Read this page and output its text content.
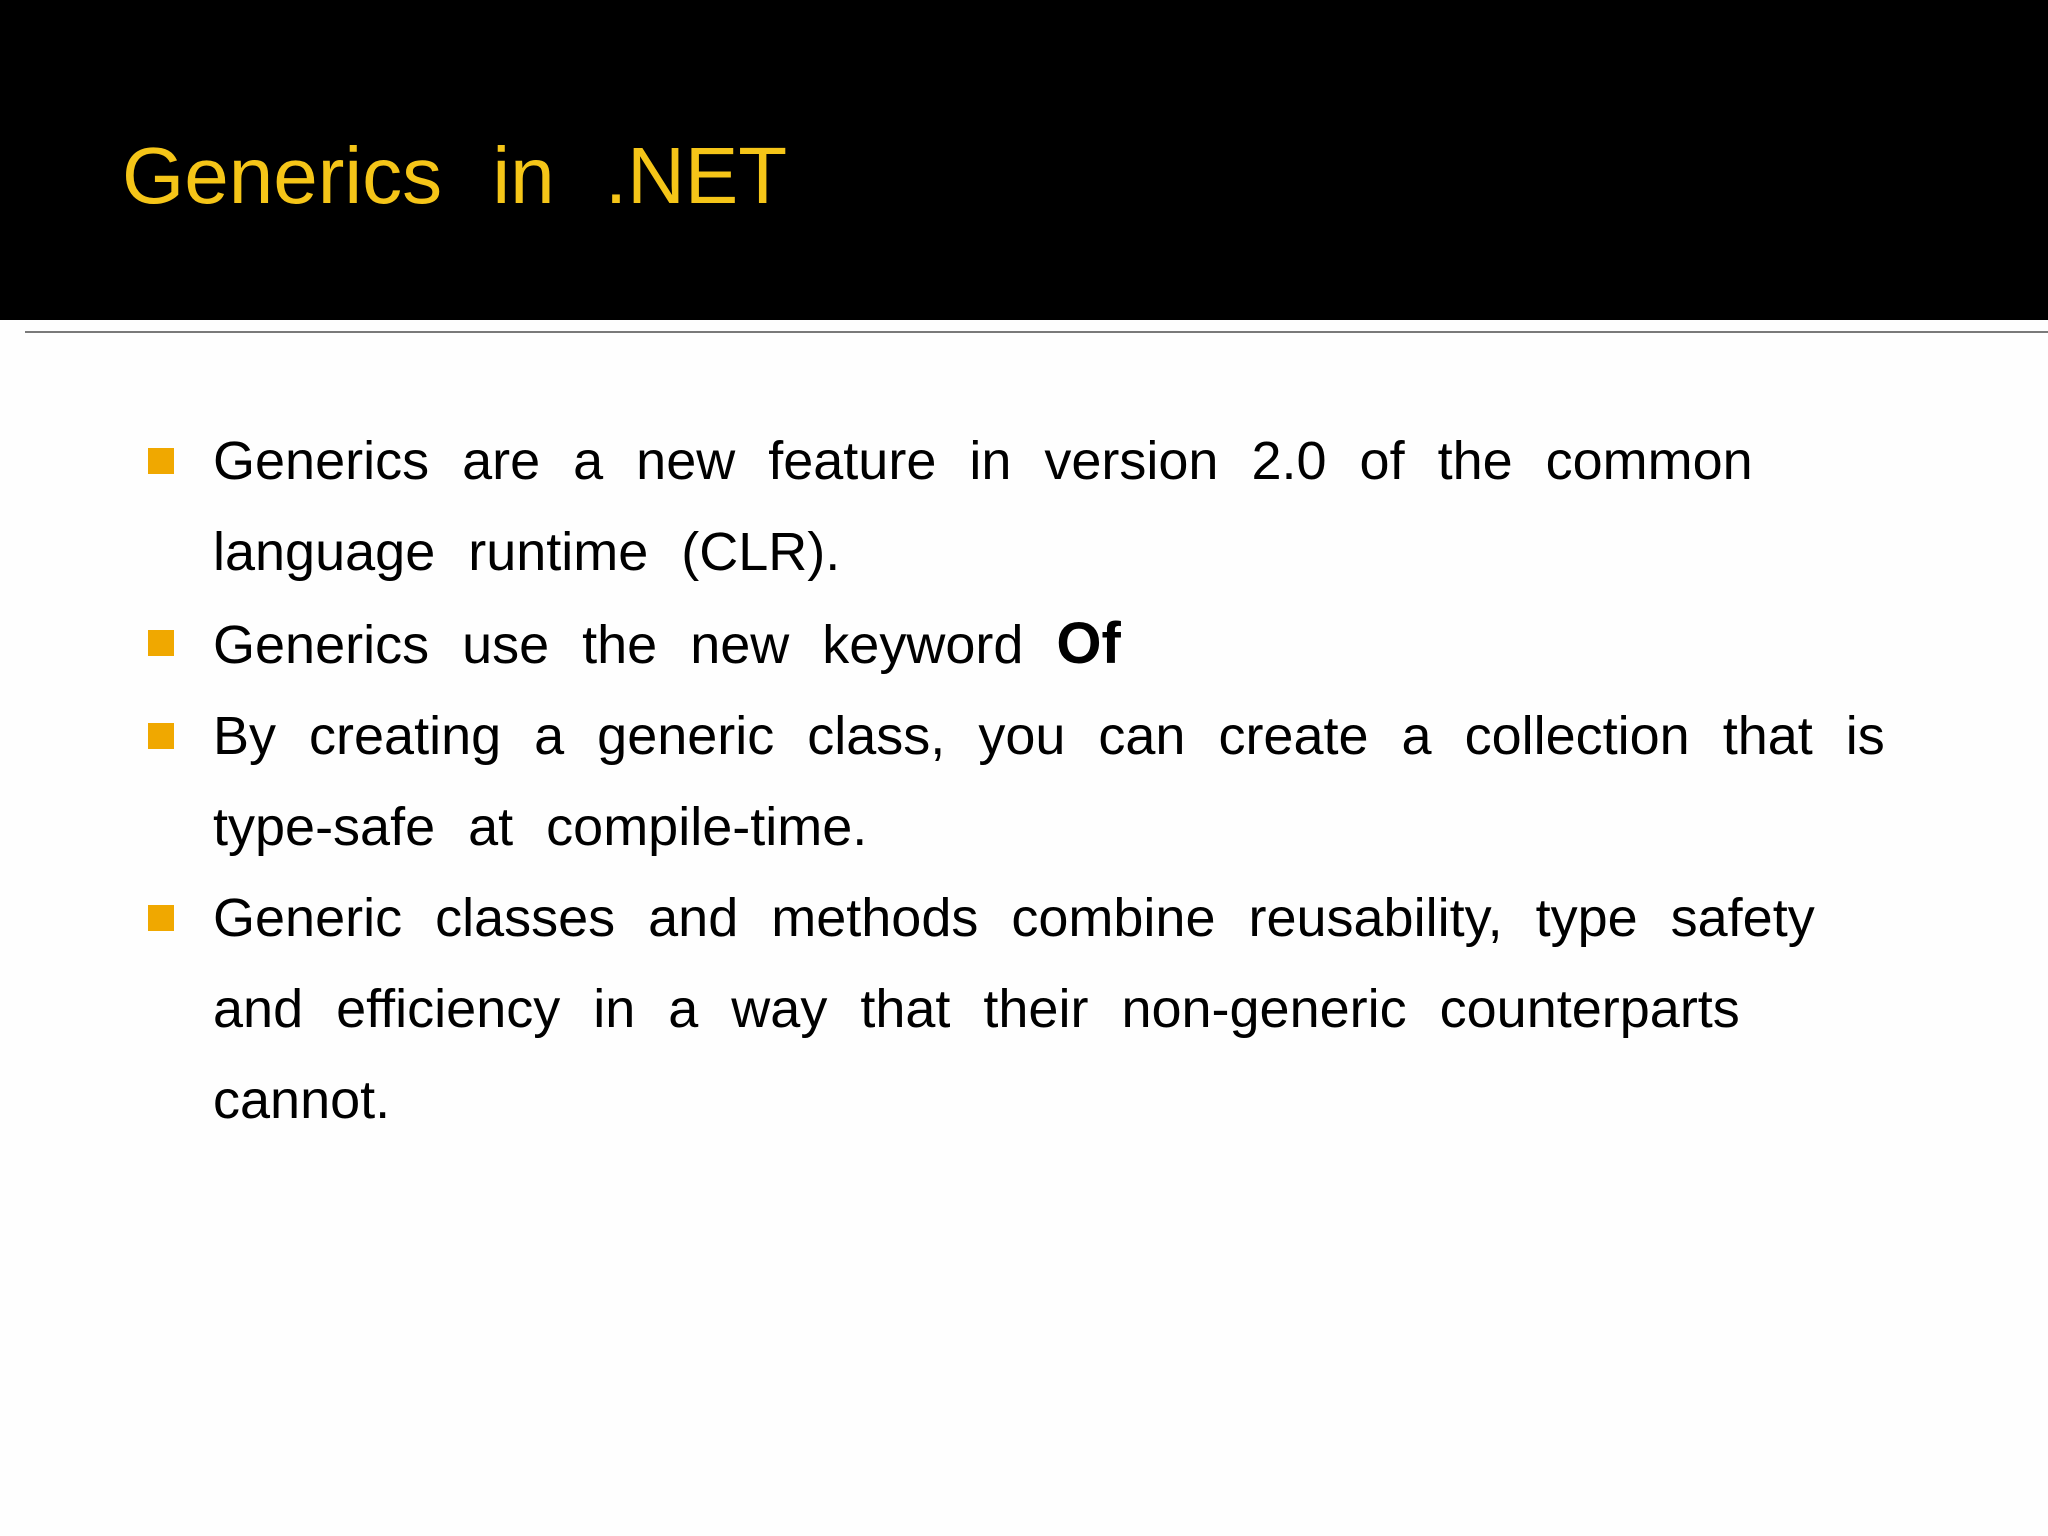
Generics in .NET
Generics are a new feature in version 2.0 of the common language runtime (CLR).
Generics use the new keyword Of
By creating a generic class, you can create a collection that is type-safe at compile-time.
Generic classes and methods combine reusability, type safety and efficiency in a way that their non-generic counterparts cannot.
